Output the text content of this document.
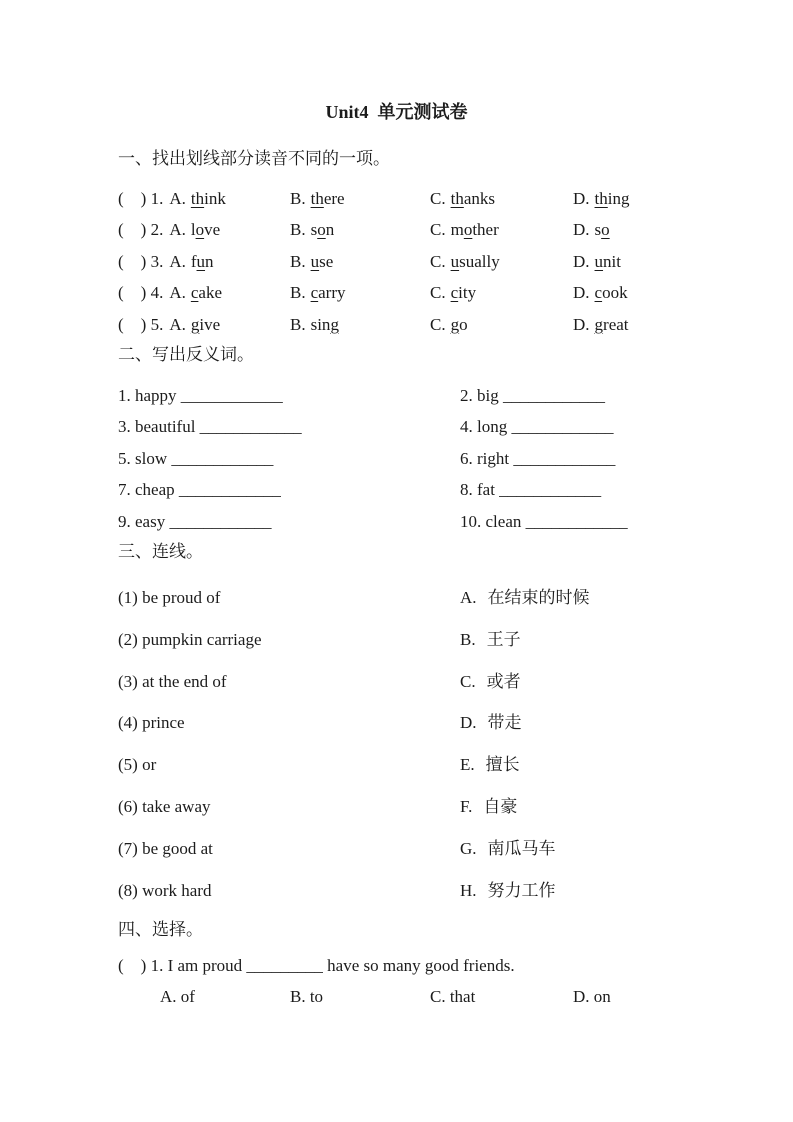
Unit4  单元测试卷
一、找出划线部分读音不同的一项。
( ) 1. A. think	B. there	C. thanks	D. thing
( ) 2. A. love	B. son	C. mother	D. so
( ) 3. A. fun	B. use	C. usually	D. unit
( ) 4. A. cake	B. carry	C. city	D. cook
( ) 5. A. give	B. sing	C. go	D. great
二、写出反义词。
1. happy ____________	2. big ____________
3. beautiful ____________	4. long ____________
5. slow ____________	6. right ____________
7. cheap ____________	8. fat ____________
9. easy ____________	10. clean ____________
三、连线。
(1) be proud of	A. 在结束的时候
(2) pumpkin carriage	B. 王子
(3) at the end of	C. 或者
(4) prince	D. 带走
(5) or	E. 擅长
(6) take away	F. 自豪
(7) be good at	G. 南瓜马车
(8) work hard	H. 努力工作
四、选择。
( ) 1. I am proud _________ have so many good friends.
A. of	B. to	C. that	D. on
